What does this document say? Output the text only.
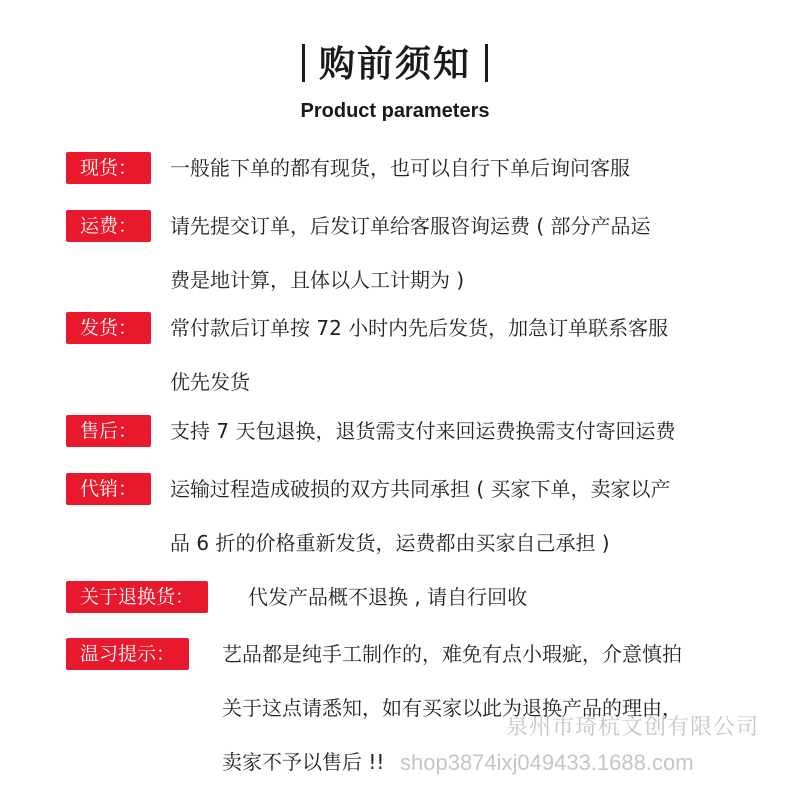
购前须知
Product parameters
现货：	一般能下单的都有现货，也可以自行下单后询问客服
运费：	请先提交订单，后发订单给客服咨询运费 ( 部分产品运
费是地计算，且体以人工计期为 )
发货：	常付款后订单按 72 小时内先后发货，加急订单联系客服
优先发货
售后：	支持 7 天包退换，退货需支付来回运费换需支付寄回运费
代销：	运输过程造成破损的双方共同承担 ( 买家下单，卖家以产
品 6 折的价格重新发货，运费都由买家自己承担 )
关于退换货：	代发产品概不退换 , 请自行回收
温习提示：	艺品都是纯手工制作的，难免有点小瑕疵，介意慎拍
关于这点请悉知，如有买家以此为退换产品的理由，
卖家不予以售后 !!
泉州市琦杭文创有限公司
shop3874ixj049433.1688.com
